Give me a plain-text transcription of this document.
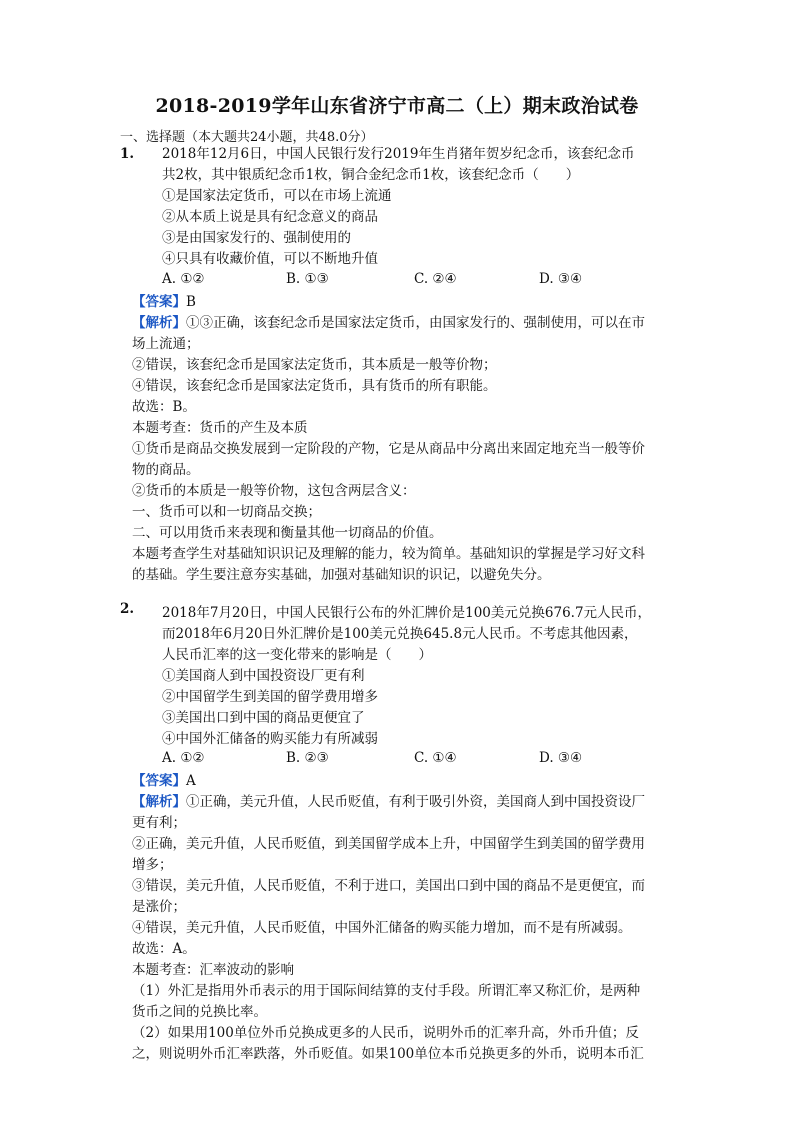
2018-2019学年山东省济宁市高二（上）期末政治试卷
一、选择题（本大题共24小题，共48.0分）
1. 2018年12月6日，中国人民银行发行2019年生肖猪年贺岁纪念币，该套纪念币
共2枚，其中银质纪念币1枚，铜合金纪念币1枚，该套纪念币（　　）
①是国家法定货币，可以在市场上流通
②从本质上说是具有纪念意义的商品
③是由国家发行的、强制使用的
④只具有收藏价值，可以不断地升值
A. ①②	B. ①③	C. ②④	D. ③④
【答案】B
【解析】①③正确，该套纪念币是国家法定货币，由国家发行的、强制使用，可以在市
场上流通；
②错误，该套纪念币是国家法定货币，其本质是一般等价物；
④错误，该套纪念币是国家法定货币，具有货币的所有职能。
故选：B。
本题考查：货币的产生及本质
①货币是商品交换发展到一定阶段的产物，它是从商品中分离出来固定地充当一般等价
物的商品。
②货币的本质是一般等价物，这包含两层含义：
一、货币可以和一切商品交换；
二、可以用货币来表现和衡量其他一切商品的价值。
本题考查学生对基础知识识记及理解的能力，较为简单。基础知识的掌握是学习好文科
的基础。学生要注意夯实基础，加强对基础知识的识记，以避免失分。
2. 2018年7月20日，中国人民银行公布的外汇牌价是100美元兑换676.7元人民币，
而2018年6月20日外汇牌价是100美元兑换645.8元人民币。不考虑其他因素，
人民币汇率的这一变化带来的影响是（　　）
①美国商人到中国投资设厂更有利
②中国留学生到美国的留学费用增多
③美国出口到中国的商品更便宜了
④中国外汇储备的购买能力有所减弱
A. ①②	B. ②③	C. ①④	D. ③④
【答案】A
【解析】①正确，美元升值，人民币贬值，有利于吸引外资，美国商人到中国投资设厂
更有利；
②正确，美元升值，人民币贬值，到美国留学成本上升，中国留学生到美国的留学费用
增多；
③错误，美元升值，人民币贬值，不利于进口，美国出口到中国的商品不是更便宜，而
是涨价；
④错误，美元升值，人民币贬值，中国外汇储备的购买能力增加，而不是有所减弱。
故选：A。
本题考查：汇率波动的影响
（1）外汇是指用外币表示的用于国际间结算的支付手段。所谓汇率又称汇价，是两种
货币之间的兑换比率。
（2）如果用100单位外币兑换成更多的人民币，说明外币的汇率升高，外币升值；反
之，则说明外币汇率跌落，外币贬值。如果100单位本币兑换更多的外币，说明本币汇
